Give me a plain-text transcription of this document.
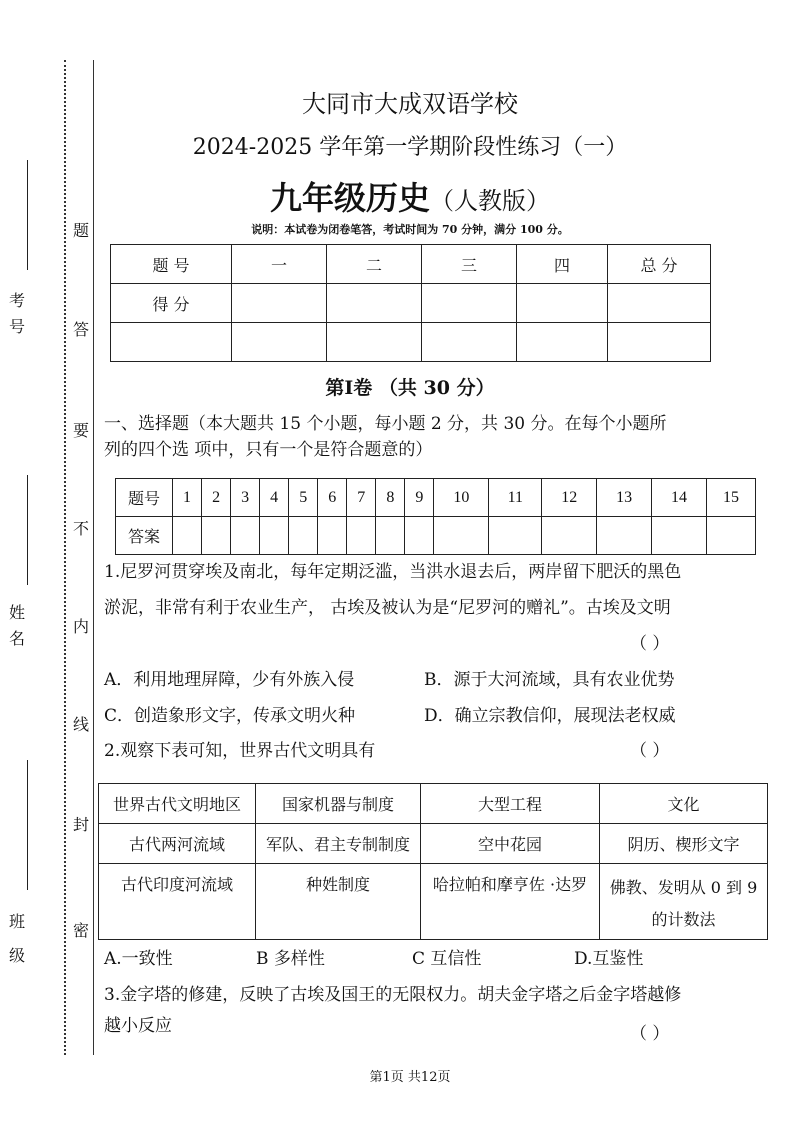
考
号
姓
名
班
级
密
封
线
内
不
要
答
题
大同市大成双语学校
2024-2025 学年第一学期阶段性练习（一）
九年级历史（人教版）
说明：本试卷为闭卷笔答，考试时间为 70 分钟，满分 100 分。
题 号	一	二	三	四	总 分
得 分					

第Ⅰ卷 （共 30 分）
一、选择题（本大题共 15 个小题，每小题 2 分，共 30 分。在每个小题所
列的四个选 项中，只有一个是符合题意的）
题号	1	2	3	4	5	6	7	8	9	10	11	12	13	14	15
答案															
1.尼罗河贯穿埃及南北，每年定期泛滥，当洪水退去后，两岸留下肥沃的黑色
淤泥，非常有利于农业生产， 古埃及被认为是“尼罗河的赠礼”。古埃及文明
（ ）
A．利用地理屏障，少有外族入侵	B．源于大河流域，具有农业优势
C．创造象形文字，传承文明火种	D．确立宗教信仰，展现法老权威
2.观察下表可知，世界古代文明具有	（ ）
世界古代文明地区	国家机器与制度	大型工程	文化
古代两河流域	军队、君主专制制度	空中花园	阴历、楔形文字
古代印度河流域	种姓制度	哈拉帕和摩亨佐 ·达罗	佛教、发明从 0 到 9
的计数法
A.一致性	B 多样性	C 互信性	D.互鉴性
3.金字塔的修建，反映了古埃及国王的无限权力。胡夫金字塔之后金字塔越修
越小反应	（ ）
第1页 共12页
